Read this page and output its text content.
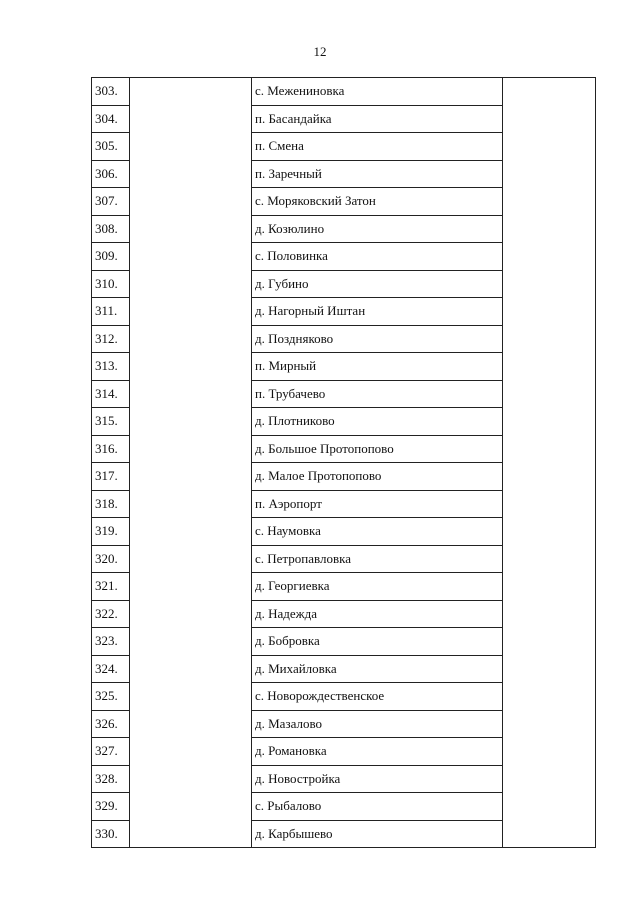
12
303.		с. Межениновка	
304.		п. Басандайка	
305.		п. Смена	
306.		п. Заречный	
307.		с. Моряковский Затон	
308.		д. Козюлино	
309.		с. Половинка	
310.		д. Губино	
311.		д. Нагорный Иштан	
312.		д. Поздняково	
313.		п. Мирный	
314.		п. Трубачево	
315.		д. Плотниково	
316.		д. Большое Протопопово	
317.		д. Малое Протопопово	
318.		п. Аэропорт	
319.		с. Наумовка	
320.		с. Петропавловка	
321.		д. Георгиевка	
322.		д. Надежда	
323.		д. Бобровка	
324.		д. Михайловка	
325.		с. Новорождественское	
326.		д. Мазалово	
327.		д. Романовка	
328.		д. Новостройка	
329.		с. Рыбалово	
330.		д. Карбышево	
